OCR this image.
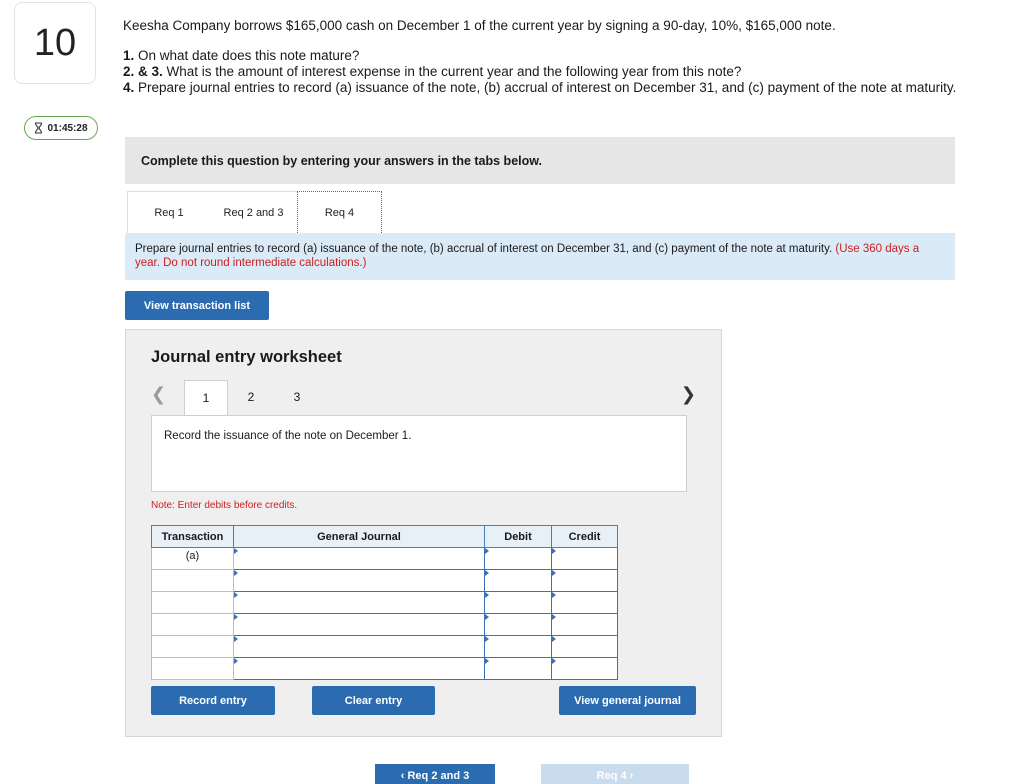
10
01:45:28

Keesha Company borrows $165,000 cash on December 1 of the current year by signing a 90-day, 10%, $165,000 note.

1. On what date does this note mature?

2. & 3. What is the amount of interest expense in the current year and the following year from this note?

4. Prepare journal entries to record (a) issuance of the note, (b) accrual of interest on December 31, and (c) payment of the note at maturity.

Complete this question by entering your answers in the tabs below.
Req 1	Req 2 and 3	Req 4
Prepare journal entries to record (a) issuance of the note, (b) accrual of interest on December 31, and (c) payment of the note at maturity. (Use 360 days a year. Do not round intermediate calculations.)
View transaction list
Journal entry worksheet
❮	1	2	3	❯
Record the issuance of the note on December 1.
Note: Enter debits before credits.
Transaction	General Journal	Debit	Credit
(a)			

Record entry	Clear entry	View general journal
‹ Req 2 and 3	Req 4 ›
